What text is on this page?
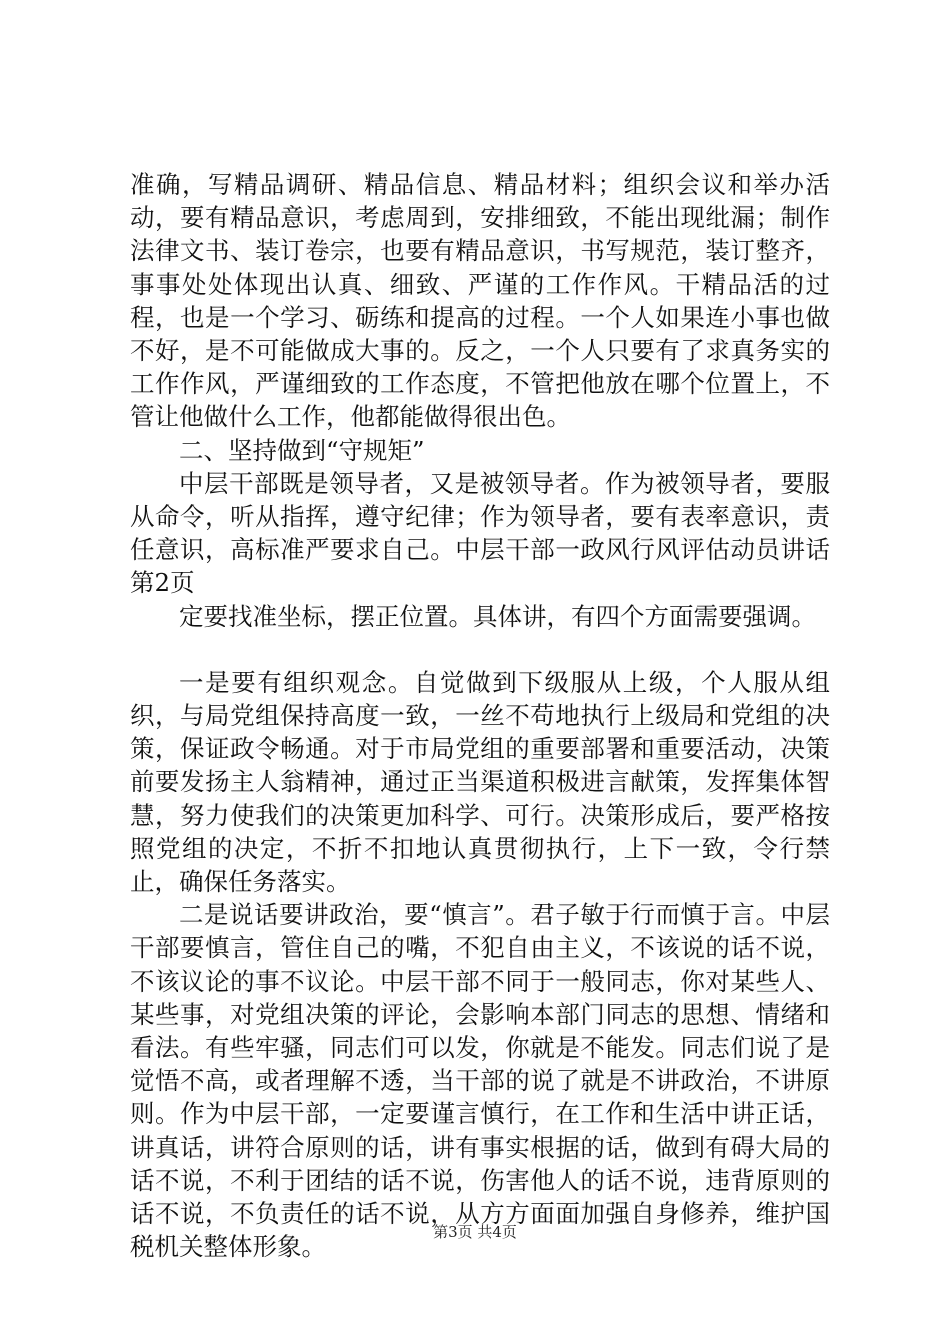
准确，写精品调研、精品信息、精品材料；组织会议和举办活动，要有精品意识，考虑周到，安排细致，不能出现纰漏；制作法律文书、装订卷宗，也要有精品意识，书写规范，装订整齐，事事处处体现出认真、细致、严谨的工作作风。干精品活的过程，也是一个学习、砺练和提高的过程。一个人如果连小事也做不好，是不可能做成大事的。反之，一个人只要有了求真务实的工作作风，严谨细致的工作态度，不管把他放在哪个位置上，不管让他做什么工作，他都能做得很出色。

二、坚持做到“守规矩”

中层干部既是领导者，又是被领导者。作为被领导者，要服从命令，听从指挥，遵守纪律；作为领导者，要有表率意识，责任意识，高标准严要求自己。中层干部一政风行风评估动员讲话第2页

定要找准坐标，摆正位置。具体讲，有四个方面需要强调。

一是要有组织观念。自觉做到下级服从上级，个人服从组织，与局党组保持高度一致，一丝不苟地执行上级局和党组的决策，保证政令畅通。对于市局党组的重要部署和重要活动，决策前要发扬主人翁精神，通过正当渠道积极进言献策，发挥集体智慧，努力使我们的决策更加科学、可行。决策形成后，要严格按照党组的决定，不折不扣地认真贯彻执行，上下一致，令行禁止，确保任务落实。

二是说话要讲政治，要“慎言”。君子敏于行而慎于言。中层干部要慎言，管住自己的嘴，不犯自由主义，不该说的话不说，不该议论的事不议论。中层干部不同于一般同志，你对某些人、某些事，对党组决策的评论，会影响本部门同志的思想、情绪和看法。有些牢骚，同志们可以发，你就是不能发。同志们说了是觉悟不高，或者理解不透，当干部的说了就是不讲政治，不讲原则。作为中层干部，一定要谨言慎行，在工作和生活中讲正话，讲真话，讲符合原则的话，讲有事实根据的话，做到有碍大局的话不说，不利于团结的话不说，伤害他人的话不说，违背原则的话不说，不负责任的话不说，从方方面面加强自身修养，维护国税机关整体形象。

第3页 共4页
